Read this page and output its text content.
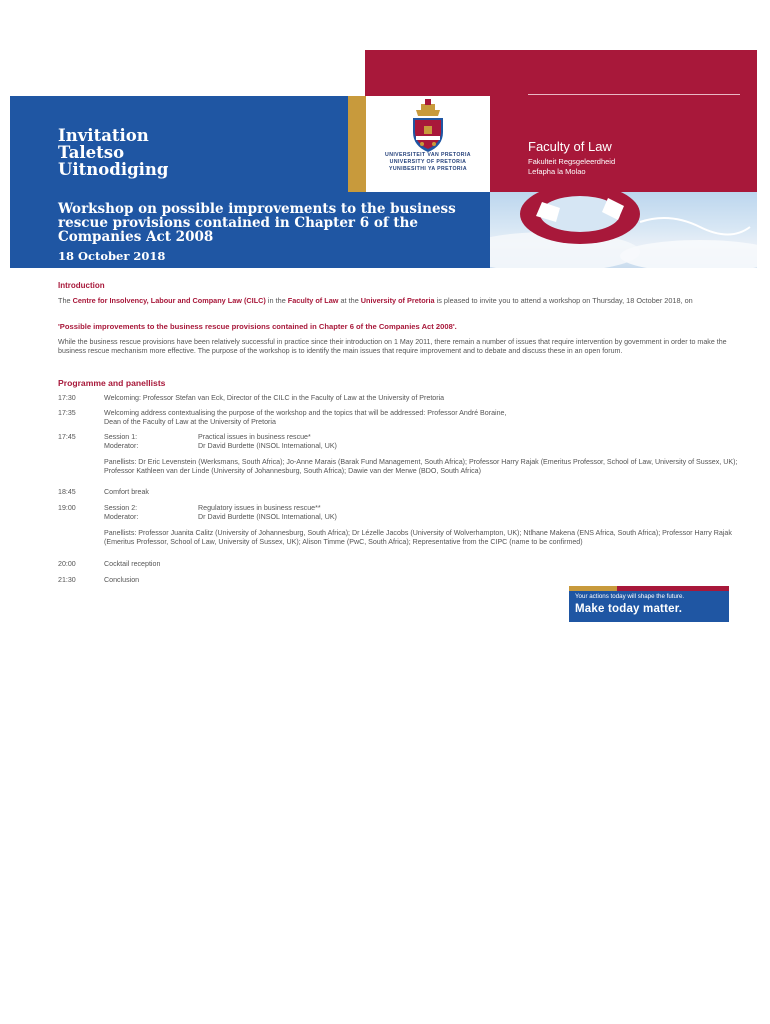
UNIVERSITEIT VAN PRETORIA
UNIVERSITY OF PRETORIA
YUNIBESITHI YA PRETORIA
Invitation
Taletso
Uitnodiging
Workshop on possible improvements to the business rescue provisions contained in Chapter 6 of the Companies Act 2008
18 October 2018
Faculty of Law
Fakulteit Regsgeleerdheid
Lefapha la Molao
Introduction
The Centre for Insolvency, Labour and Company Law (CILC) in the Faculty of Law at the University of Pretoria is pleased to invite you to attend a workshop on Thursday, 18 October 2018, on
'Possible improvements to the business rescue provisions contained in Chapter 6 of the Companies Act 2008'.
While the business rescue provisions have been relatively successful in practice since their introduction on 1 May 2011, there remain a number of issues that require intervention by government in order to make the business rescue mechanism more effective. The purpose of the workshop is to identify the main issues that require improvement and to debate and discuss these in an open forum.
Programme and panellists
17:30	Welcoming: Professor Stefan van Eck, Director of the CILC in the Faculty of Law at the University of Pretoria
17:35	Welcoming address contextualising the purpose of the workshop and the topics that will be addressed: Professor André Boraine,
Dean of the Faculty of Law at the University of Pretoria
17:45	Session 1:	Practical issues in business rescue*
Moderator:	Dr David Burdette (INSOL International, UK)
Panellists: Dr Eric Levenstein (Werksmans, South Africa); Jo-Anne Marais (Barak Fund Management, South Africa); Professor Harry Rajak (Emeritus Professor, School of Law, University of Sussex, UK); Professor Kathleen van der Linde (University of Johannesburg, South Africa); Dawie van der Merwe (BDO, South Africa)
18:45	Comfort break
19:00	Session 2:	Regulatory issues in business rescue**
Moderator:	Dr David Burdette (INSOL International, UK)
Panellists: Professor Juanita Calitz (University of Johannesburg, South Africa); Dr Lézelle Jacobs (University of Wolverhampton, UK); Ntlhane Makena (ENS Africa, South Africa); Professor Harry Rajak (Emeritus Professor, School of Law, University of Sussex, UK); Alison Timme (PwC, South Africa); Representative from the CIPC (name to be confirmed)
20:00	Cocktail reception
21:30	Conclusion
Your actions today will shape the future.
Make today matter.
